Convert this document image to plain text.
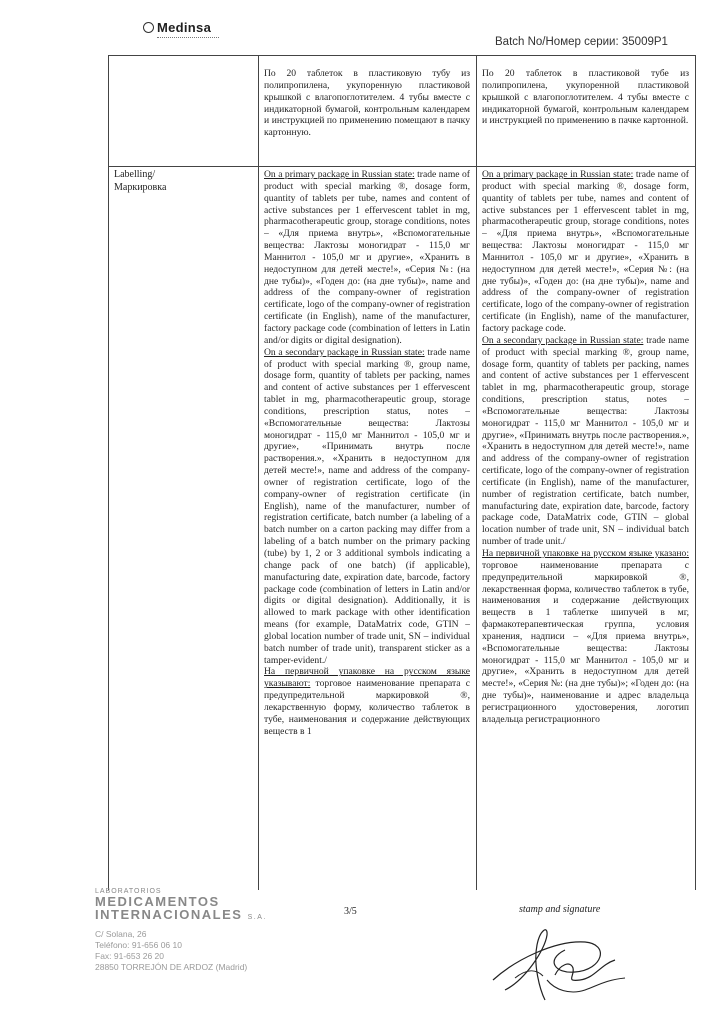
Medinsa
Batch No/Номер серии: 35009P1

По 20 таблеток в пластиковую тубу из полипропилена, укупоренную пластиковой крышкой с влагопоглотителем. 4 тубы вместе с индикаторной бумагой, контрольным календарем и инструкцией по применению помещают в пачку картонную.

По 20 таблеток в пластиковой тубе из полипропилена, укупоренной пластиковой крышкой с влагопоглотителем. 4 тубы вместе с индикаторной бумагой, контрольным календарем и инструкцией по применению в пачке картонной.

Labelling/

Маркировка

On a primary package in Russian state: trade name of product with special marking ®, dosage form, quantity of tablets per tube, names and content of active substances per 1 effervescent tablet in mg, pharmacotherapeutic group, storage conditions, notes – «Для приема внутрь», «Вспомогательные вещества: Лактозы моногидрат - 115,0 мг Маннитол - 105,0 мг и другие», «Хранить в недоступном для детей месте!», «Серия №: (на дне тубы)», «Годен до: (на дне тубы)», name and address of the company-owner of registration certificate, logo of the company-owner of registration certificate (in English), name of the manufacturer, factory package code (combination of letters in Latin and/or digits or digital designation).

On a secondary package in Russian state: trade name of product with special marking ®, group name, dosage form, quantity of tablets per packing, names and content of active substances per 1 effervescent tablet in mg, pharmacotherapeutic group, storage conditions, prescription status, notes – «Вспомогательные вещества: Лактозы моногидрат - 115,0 мг Маннитол - 105,0 мг и другие», «Принимать внутрь после растворения.», «Хранить в недоступном для детей месте!», name and address of the company-owner of registration certificate, logo of the company-owner of registration certificate (in English), name of the manufacturer, number of registration certificate, batch number (a labeling of a batch number on a carton packing may differ from a labeling of a batch number on the primary packing (tube) by 1, 2 or 3 additional symbols indicating a change pack of one batch) (if applicable), manufacturing date, expiration date, barcode, factory package code (combination of letters in Latin and/or digits or digital designation). Additionally, it is allowed to mark package with other identification means (for example, DataMatrix code, GTIN – global location number of trade unit, SN – individual batch number of trade unit), transparent sticker as a tamper-evident./

На первичной упаковке на русском языке указывают: торговое наименование препарата с предупредительной маркировкой ®, лекарственную форму, количество таблеток в тубе, наименования и содержание действующих веществ в 1

On a primary package in Russian state: trade name of product with special marking ®, dosage form, quantity of tablets per tube, names and content of active substances per 1 effervescent tablet in mg, pharmacotherapeutic group, storage conditions, notes – «Для приема внутрь», «Вспомогательные вещества: Лактозы моногидрат - 115,0 мг Маннитол - 105,0 мг и другие», «Хранить в недоступном для детей месте!», «Серия №: (на дне тубы)», «Годен до: (на дне тубы)», name and address of the company-owner of registration certificate, logo of the company-owner of registration certificate (in English), name of the manufacturer, factory package code.

On a secondary package in Russian state: trade name of product with special marking ®, group name, dosage form, quantity of tablets per packing, names and content of active substances per 1 effervescent tablet in mg, pharmacotherapeutic group, storage conditions, prescription status, notes – «Вспомогательные вещества: Лактозы моногидрат - 115,0 мг Маннитол - 105,0 мг и другие», «Принимать внутрь после растворения.», «Хранить в недоступном для детей месте!», name and address of the company-owner of registration certificate, logo of the company-owner of registration certificate (in English), name of the manufacturer, number of registration certificate, batch number, manufacturing date, expiration date, barcode, factory package code, DataMatrix code, GTIN – global location number of trade unit, SN – individual batch number of trade unit./

На первичной упаковке на русском языке указано: торговое наименование препарата с предупредительной маркировкой ®, лекарственная форма, количество таблеток в тубе, наименования и содержание действующих веществ в 1 таблетке шипучей в мг, фармакотерапевтическая группа, условия хранения, надписи – «Для приема внутрь», «Вспомогательные вещества: Лактозы моногидрат - 115,0 мг Маннитол - 105,0 мг и другие», «Хранить в недоступном для детей месте!», «Серия №: (на дне тубы)»; «Годен до: (на дне тубы)», наименование и адрес владельца регистрационного удостоверения, логотип владельца регистрационного

LABORATORIOS
MEDICAMENTOS
INTERNACIONALES S.A.
C/ Solana, 26
Teléfono: 91-656 06 10
Fax: 91-653 26 20
28850 TORREJÓN DE ARDOZ (Madrid)
3/5	stamp and signature
